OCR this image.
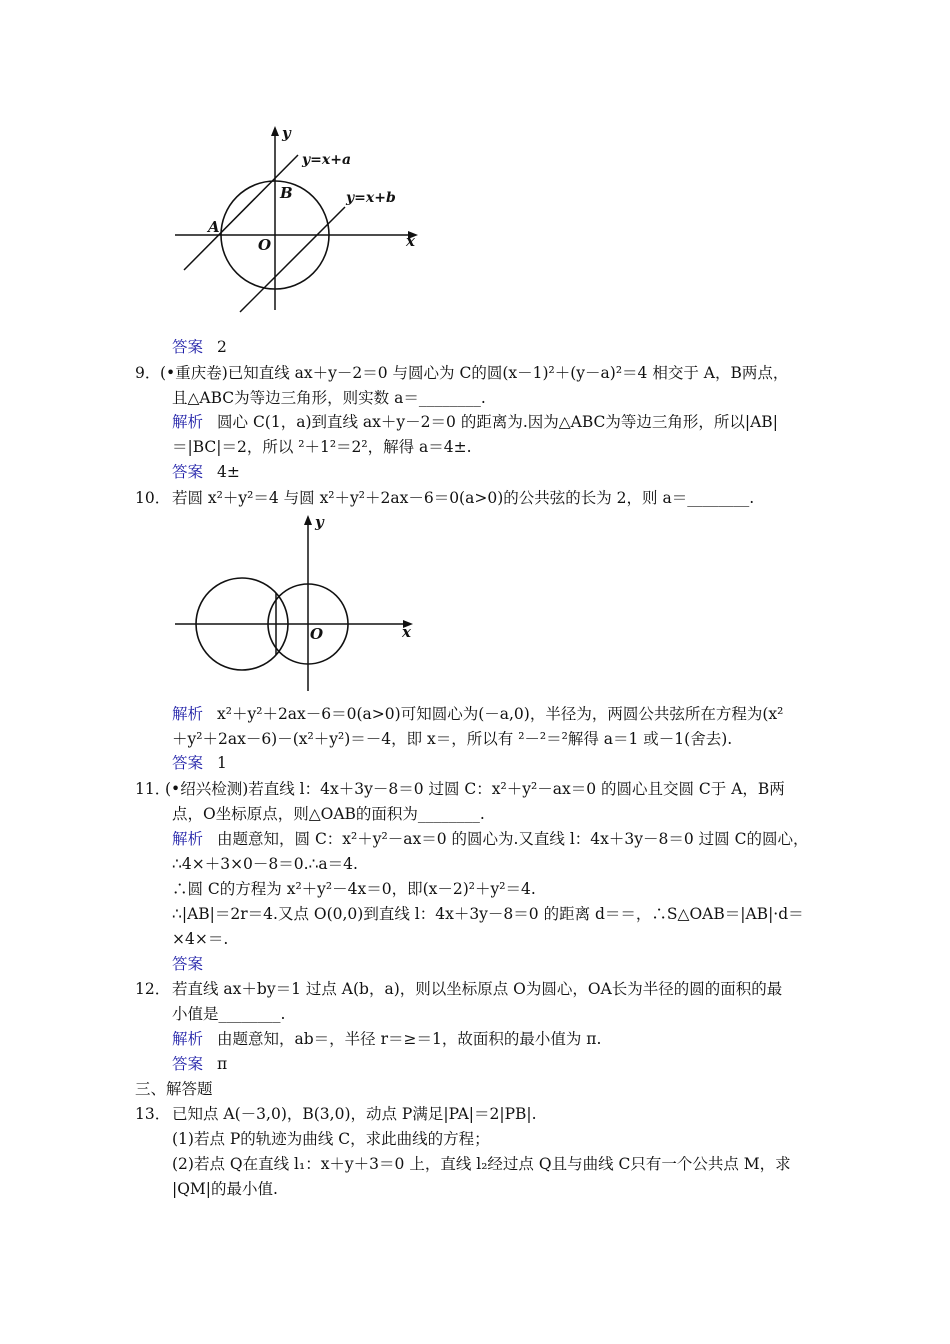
y
x
O
A
B
y=x+a
y=x+b
答案 2
9． (•重庆卷)已知直线 ax＋y－2＝0 与圆心为 C的圆(x－1)²＋(y－a)²＝4 相交于 A，B两点，
且△ABC为等边三角形，则实数 a＝________.
解析 圆心 C(1，a)到直线 ax＋y－2＝0 的距离为.因为△ABC为等边三角形，所以|AB|
＝|BC|＝2，所以 ²＋1²＝2²，解得 a＝4±.
答案 4±
10． 若圆 x²＋y²＝4 与圆 x²＋y²＋2ax－6＝0(a>0)的公共弦的长为 2，则 a＝________.
y
x
O
解析 x²＋y²＋2ax－6＝0(a>0)可知圆心为(－a,0)，半径为，两圆公共弦所在方程为(x²
＋y²＋2ax－6)－(x²＋y²)＝－4，即 x＝，所以有 ²－²＝²解得 a＝1 或－1(舍去).
答案 1
11．
(•绍兴检测)若直线 l：4x＋3y－8＝0 过圆 C：x²＋y²－ax＝0 的圆心且交圆 C于 A，B两
点，O坐标原点，则△OAB的面积为________.
解析 由题意知，圆 C：x²＋y²－ax＝0 的圆心为.又直线 l：4x＋3y－8＝0 过圆 C的圆心，
∴4×＋3×0－8＝0.∴a＝4.
∴圆 C的方程为 x²＋y²－4x＝0，即(x－2)²＋y²＝4.
∴|AB|＝2r＝4.又点 O(0,0)到直线 l：4x＋3y－8＝0 的距离 d＝＝，∴S△OAB＝|AB|·d＝
×4×＝.
答案
12． 若直线 ax＋by＝1 过点 A(b，a)，则以坐标原点 O为圆心，OA长为半径的圆的面积的最
小值是________.
解析 由题意知，ab＝，半径 r＝≥＝1，故面积的最小值为 π.
答案 π
三、解答题
13． 已知点 A(－3,0)，B(3,0)，动点 P满足|PA|＝2|PB|.
(1)若点 P的轨迹为曲线 C，求此曲线的方程；
(2)若点 Q在直线 l₁：x＋y＋3＝0 上，直线 l₂经过点 Q且与曲线 C只有一个公共点 M，求
|QM|的最小值.
